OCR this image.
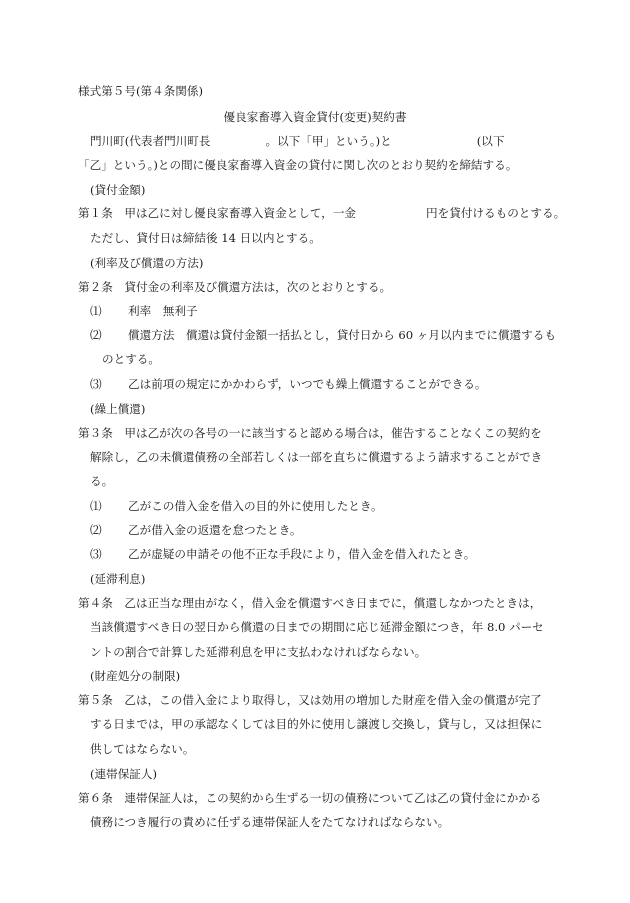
様式第５号(第４条関係)
優良家畜導入資金貸付(変更)契約書
門川町(代表者門川町長	。以下「甲」という。)と	(以下
「乙」という。)との間に優良家畜導入資金の貸付に関し次のとおり契約を締結する。
(貸付金額)
第１条　甲は乙に対し優良家畜導入資金として，一金	円を貸付けるものとする。
ただし、貸付日は締結後 14 日以内とする。
(利率及び償還の方法)
第２条　貸付金の利率及び償還方法は，次のとおりとする。
⑴ 利率　無利子
⑵ 償還方法　償還は貸付金額一括払とし，貸付日から 60 ヶ月以内までに償還するも
のとする。
⑶ 乙は前項の規定にかかわらず，いつでも繰上償還することができる。
(繰上償還)
第３条　甲は乙が次の各号の一に該当すると認める場合は，催告することなくこの契約を
解除し，乙の未償還債務の全部若しくは一部を直ちに償還するよう請求することができ
る。
⑴ 乙がこの借入金を借入の目的外に使用したとき。
⑵ 乙が借入金の返還を怠つたとき。
⑶ 乙が虚疑の申請その他不正な手段により，借入金を借入れたとき。
(延滞利息)
第４条　乙は正当な理由がなく，借入金を償還すべき日までに，償還しなかつたときは，
当該償還すべき日の翌日から償還の日までの期間に応じ延滞金額につき，年 8.0 パーセ
ントの割合で計算した延滞利息を甲に支払わなければならない。
(財産処分の制限)
第５条　乙は，この借入金により取得し，又は効用の増加した財産を借入金の償還が完了
する日までは，甲の承認なくしては目的外に使用し譲渡し交換し，貸与し，又は担保に
供してはならない。
(連帯保証人)
第６条　連帯保証人は，この契約から生ずる一切の債務について乙は乙の貸付金にかかる
債務につき履行の責めに任ずる連帯保証人をたてなければならない。
